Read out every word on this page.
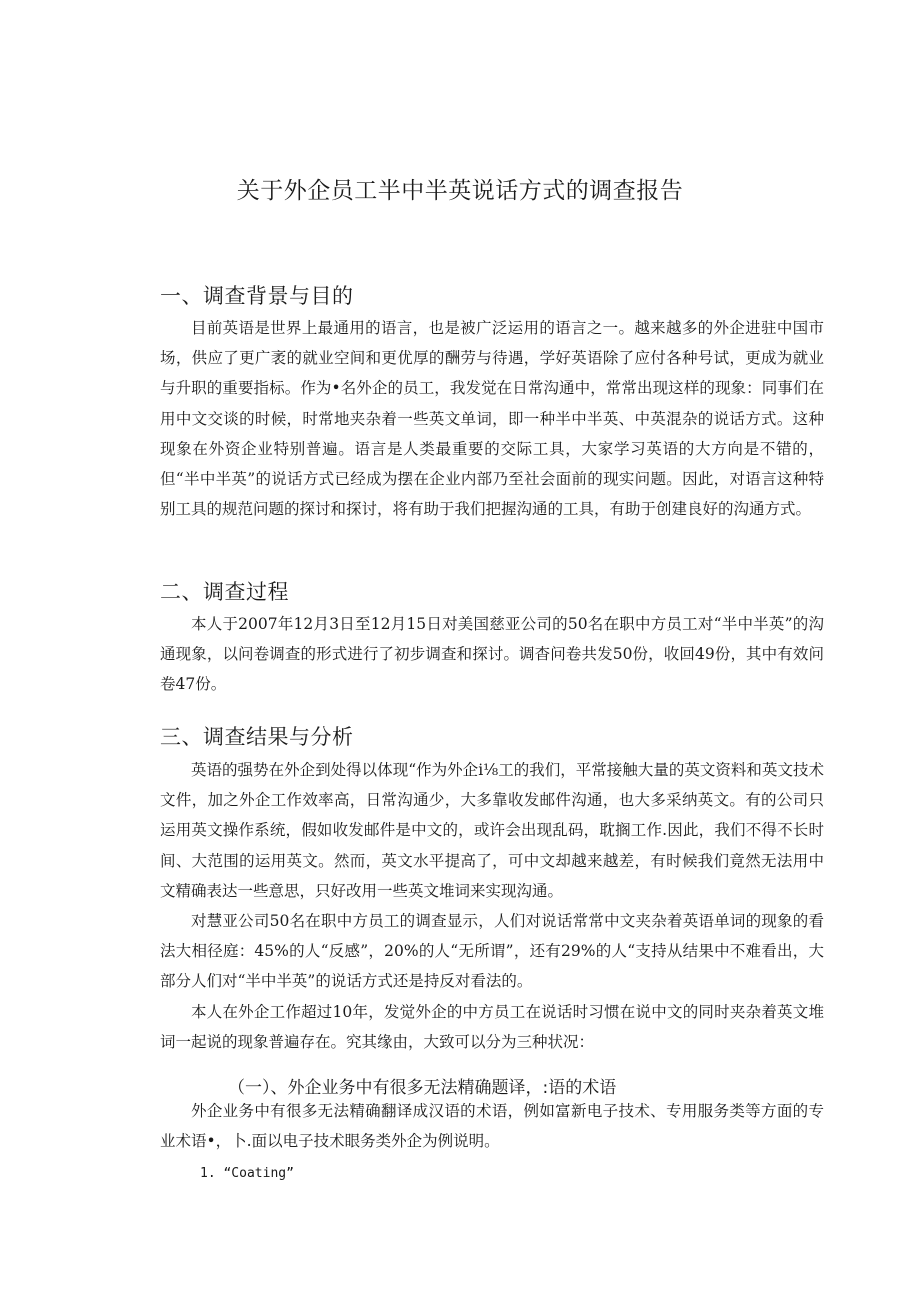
关于外企员工半中半英说话方式的调查报告
一、调查背景与目的
目前英语是世界上最通用的语言，也是被广泛运用的语言之一。越来越多的外企进驻中国市场，供应了更广袤的就业空间和更优厚的酬劳与待遇，学好英语除了应付各种号试，更成为就业与升职的重要指标。作为•名外企的员工，我发觉在日常沟通中，常常出现这样的现象：同事们在用中文交谈的时候，时常地夹杂着一些英文单词，即一种半中半英、中英混杂的说话方式。这种现象在外资企业特别普遍。语言是人类最重要的交际工具，大家学习英语的大方向是不错的，但“半中半英”的说话方式已经成为摆在企业内部乃至社会面前的现实问题。因此，对语言这种特别工具的规范问题的探讨和探讨，将有助于我们把握沟通的工具，有助于创建良好的沟通方式。
二、调查过程
本人于2007年12月3日至12月15日对美国慈亚公司的50名在职中方员工对“半中半英”的沟通现象，以问卷调查的形式进行了初步调查和探讨。调杳问卷共发50份，收回49份，其中有效问卷47份。
三、调查结果与分析
英语的强势在外企到处得以体现“作为外企i⅛工的我们，平常接触大量的英文资料和英文技术文件，加之外企工作效率高，日常沟通少，大多靠收发邮件沟通，也大多采纳英文。有的公司只运用英文操作系统，假如收发邮件是中文的，或许会出现乱码，耽搁工作.因此，我们不得不长时间、大范围的运用英文。然而，英文水平提高了，可中文却越来越差，有时候我们竟然无法用中文精确表达一些意思，只好改用一些英文堆词来实现沟通。
对慧亚公司50名在职中方员工的调查显示，人们对说话常常中文夹杂着英语单词的现象的看法大相径庭：45%的人“反感”，20%的人“无所谓”，还有29%的人“支持从结果中不难看出，大部分人们对“半中半英”的说话方式还是持反对看法的。
本人在外企工作超过10年，发觉外企的中方员工在说话时习惯在说中文的同时夹杂着英文堆词一起说的现象普遍存在。究其缘由，大致可以分为三种状况：
（一）、外企业务中有很多无法精确题译，:语的术语
外企业务中有很多无法精确翻译成汉语的术语，例如富新电子技术、专用服务类等方面的专业术语•，卜.面以电子技术眼务类外企为例说明。
1. “Coating”
